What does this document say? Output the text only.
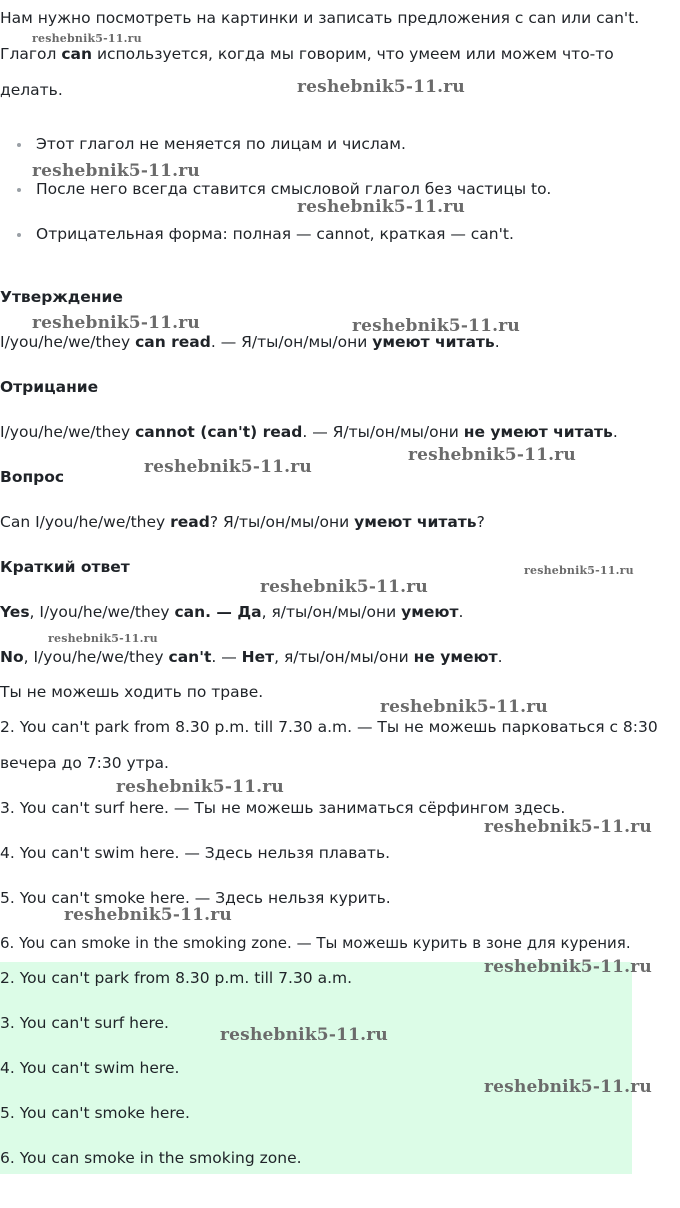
Нам нужно посмотреть на картинки и записать предложения с can или can't.
Глагол can используется, когда мы говорим, что умеем или можем что-то
делать.
Этот глагол не меняется по лицам и числам.
После него всегда ставится смысловой глагол без частицы to.
Отрицательная форма: полная — cannot, краткая — can't.
Утверждение
I/you/he/we/they can read. — Я/ты/он/мы/они умеют читать.
Отрицание
I/you/he/we/they cannot (can't) read. — Я/ты/он/мы/они не умеют читать.
Вопрос
Can I/you/he/we/they read? Я/ты/он/мы/они умеют читать?
Краткий ответ
Yes, I/you/he/we/they can. — Да, я/ты/он/мы/они умеют.
No, I/you/he/we/they can't. — Нет, я/ты/он/мы/они не умеют.
Ты не можешь ходить по траве.
2. You can't park from 8.30 p.m. till 7.30 a.m. — Ты не можешь парковаться с 8:30
вечера до 7:30 утра.
3. You can't surf here. — Ты не можешь заниматься сёрфингом здесь.
4. You can't swim here. — Здесь нельзя плавать.
5. You can't smoke here. — Здесь нельзя курить.
6. You can smoke in the smoking zone. — Ты можешь курить в зоне для курения.
2. You can't park from 8.30 p.m. till 7.30 a.m.
3. You can't surf here.
4. You can't swim here.
5. You can't smoke here.
6. You can smoke in the smoking zone.
reshebnik5-11.ru
reshebnik5-11.ru
reshebnik5-11.ru
reshebnik5-11.ru
reshebnik5-11.ru	reshebnik5-11.ru
reshebnik5-11.ru
reshebnik5-11.ru
reshebnik5-11.ru
reshebnik5-11.ru
reshebnik5-11.ru
reshebnik5-11.ru
reshebnik5-11.ru
reshebnik5-11.ru
reshebnik5-11.ru
reshebnik5-11.ru
reshebnik5-11.ru
reshebnik5-11.ru
